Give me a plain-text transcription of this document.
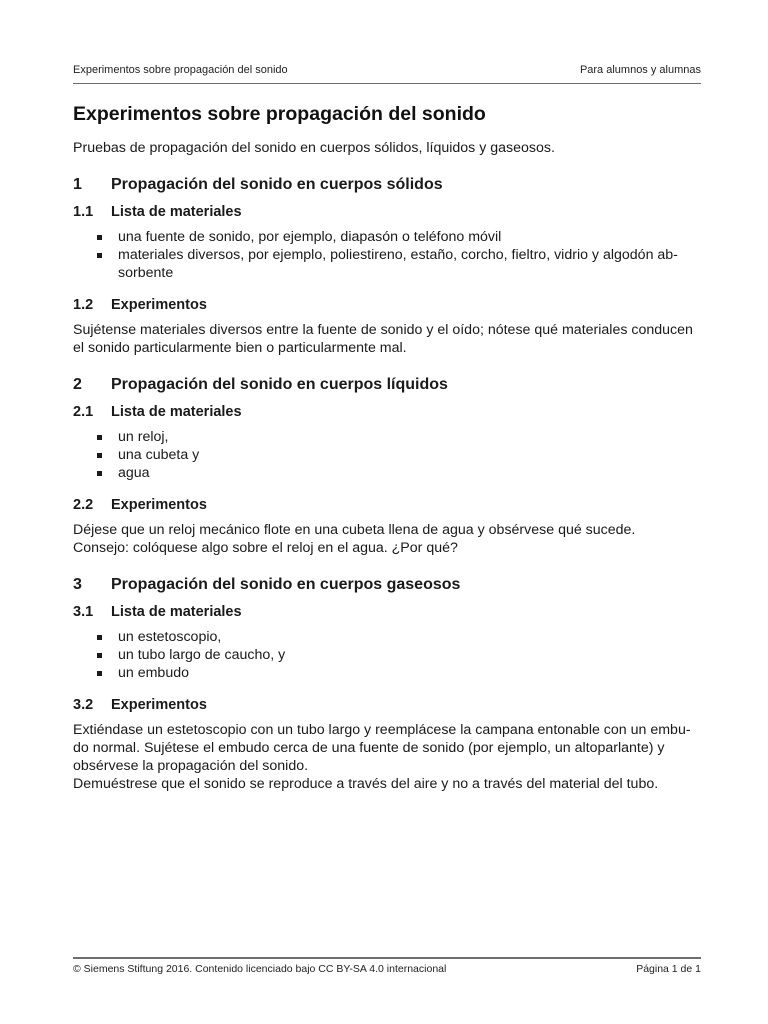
Experimentos sobre propagación del sonido	Para alumnos y alumnas
Experimentos sobre propagación del sonido

Pruebas de propagación del sonido en cuerpos sólidos, líquidos y gaseosos.

1	Propagación del sonido en cuerpos sólidos
1.1	Lista de materiales
una fuente de sonido, por ejemplo, diapasón o teléfono móvil
materiales diversos, por ejemplo, poliestireno, estaño, corcho, fieltro, vidrio y algodón ab-
sorbente
1.2	Experimentos

Sujétense materiales diversos entre la fuente de sonido y el oído; nótese qué materiales conducen el sonido particularmente bien o particularmente mal.

2	Propagación del sonido en cuerpos líquidos
2.1	Lista de materiales
un reloj,
una cubeta y
agua
2.2	Experimentos

Déjese que un reloj mecánico flote en una cubeta llena de agua y obsérvese qué sucede.
Consejo: colóquese algo sobre el reloj en el agua. ¿Por qué?

3	Propagación del sonido en cuerpos gaseosos
3.1	Lista de materiales
un estetoscopio,
un tubo largo de caucho, y
un embudo
3.2	Experimentos

Extiéndase un estetoscopio con un tubo largo y reemplácese la campana entonable con un embu-
do normal. Sujétese el embudo cerca de una fuente de sonido (por ejemplo, un altoparlante) y obsérvese la propagación del sonido.
Demuéstrese que el sonido se reproduce a través del aire y no a través del material del tubo.

© Siemens Stiftung 2016. Contenido licenciado bajo CC BY-SA 4.0 internacional	Página 1 de 1
